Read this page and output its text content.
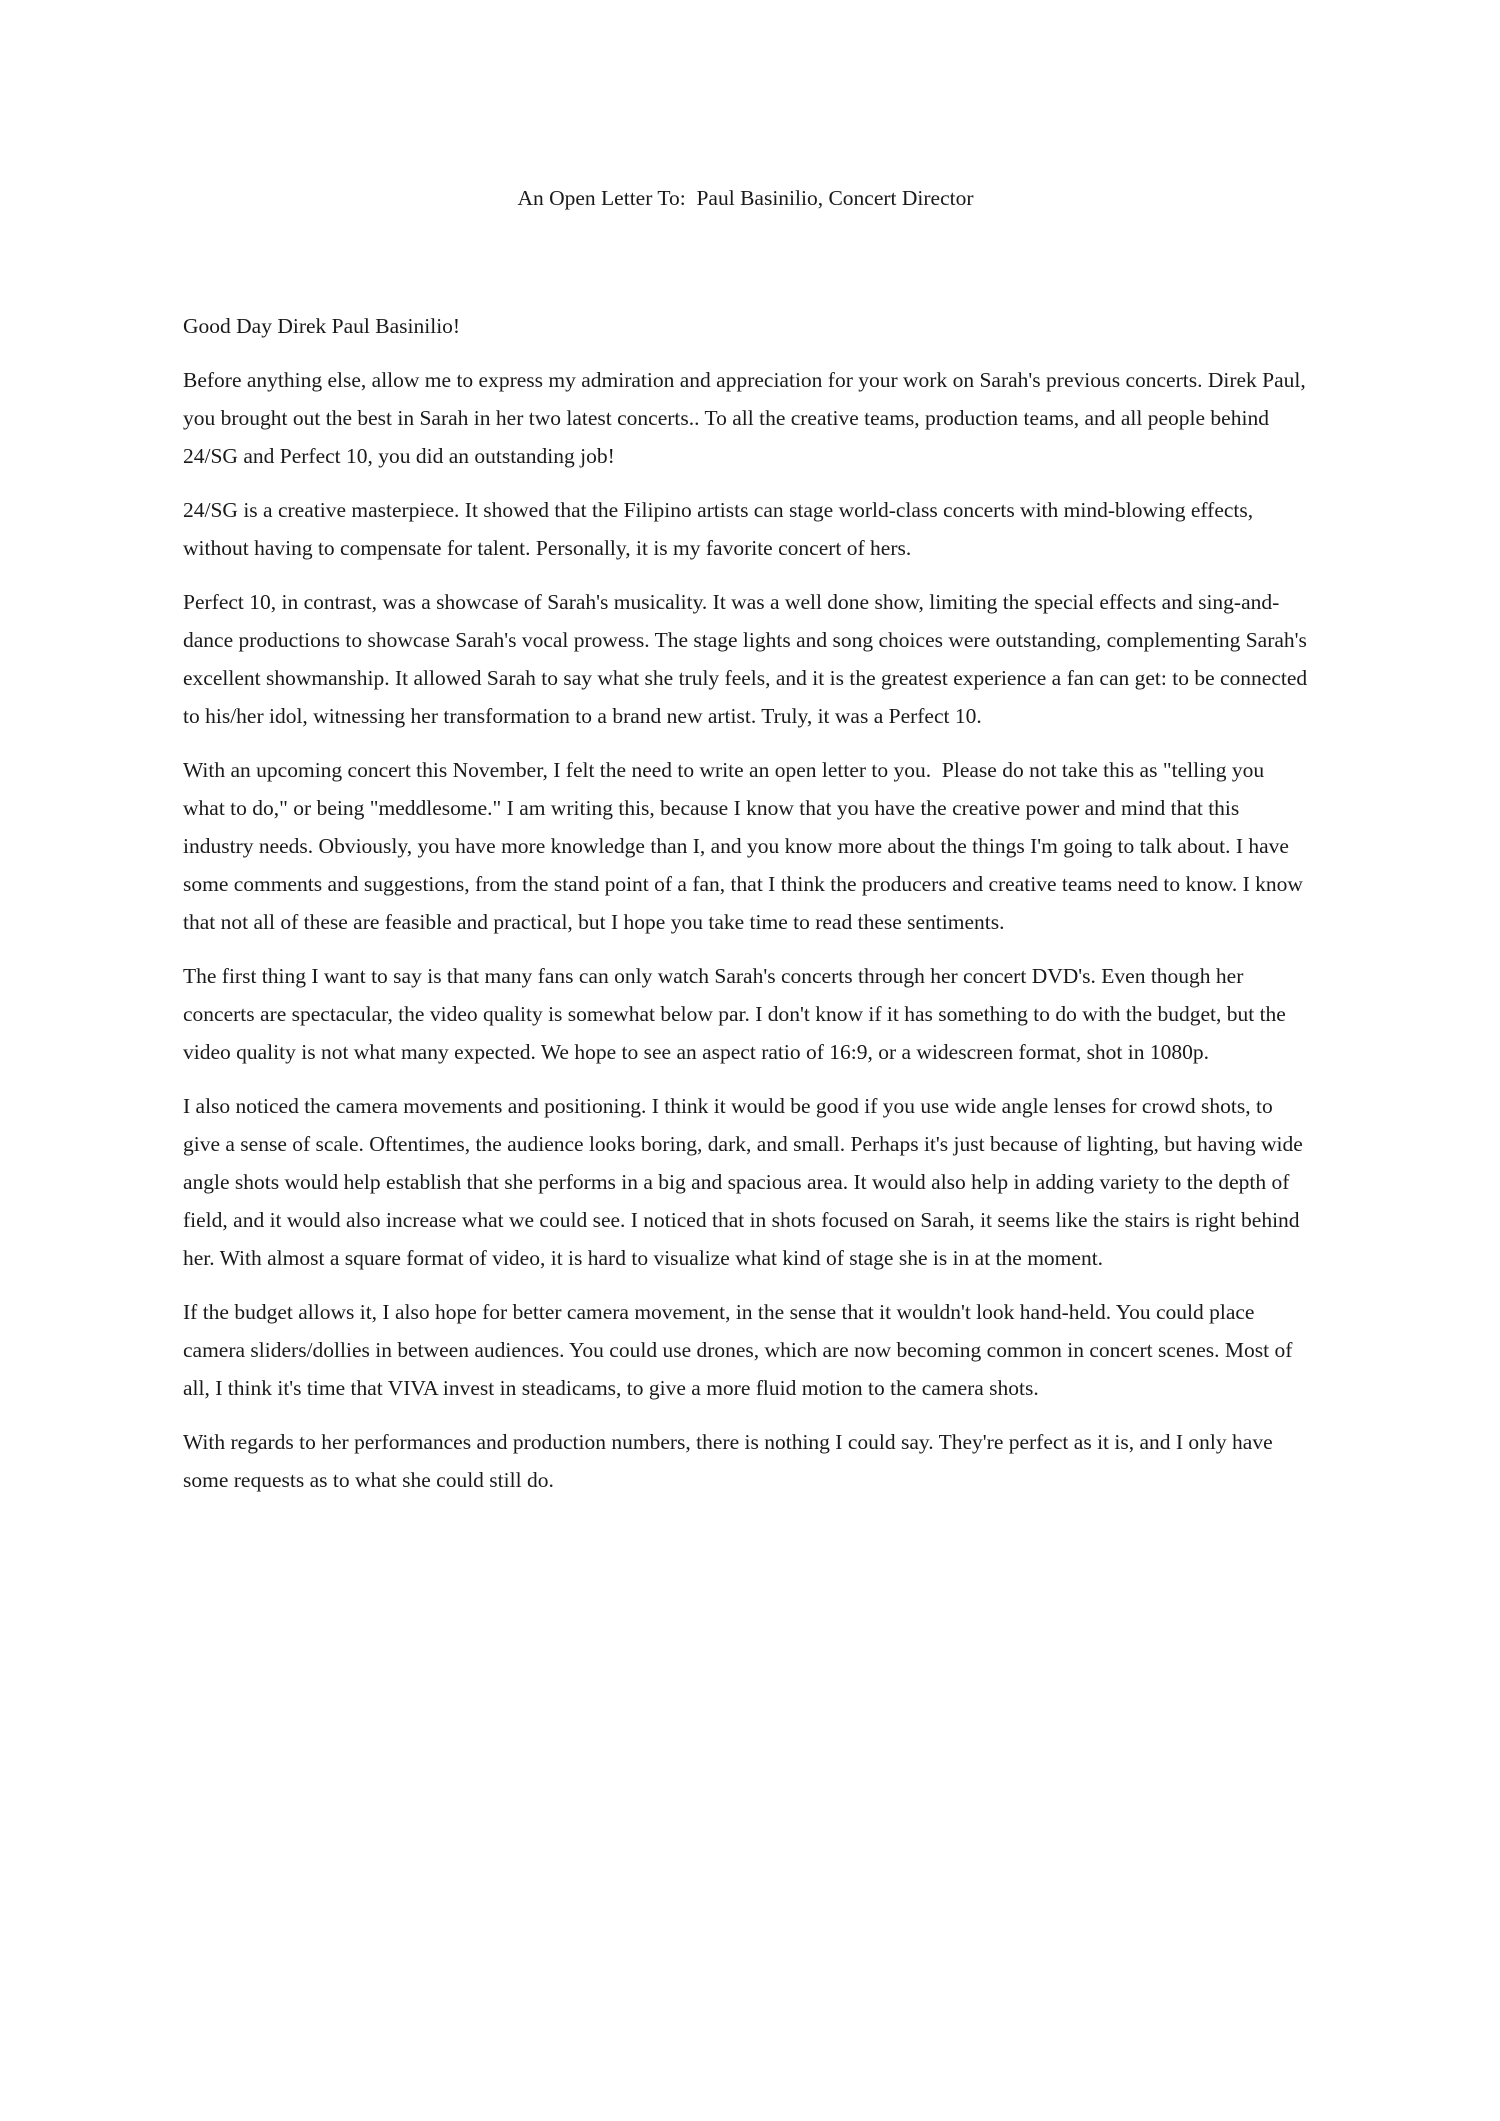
An Open Letter To:  Paul Basinilio, Concert Director

Good Day Direk Paul Basinilio!

Before anything else, allow me to express my admiration and appreciation for your work on Sarah's previous concerts. Direk Paul, you brought out the best in Sarah in her two latest concerts.. To all the creative teams, production teams, and all people behind 24/SG and Perfect 10, you did an outstanding job!

24/SG is a creative masterpiece. It showed that the Filipino artists can stage world-class concerts with mind-blowing effects, without having to compensate for talent. Personally, it is my favorite concert of hers.

Perfect 10, in contrast, was a showcase of Sarah's musicality. It was a well done show, limiting the special effects and sing-and-dance productions to showcase Sarah's vocal prowess. The stage lights and song choices were outstanding, complementing Sarah's excellent showmanship. It allowed Sarah to say what she truly feels, and it is the greatest experience a fan can get: to be connected to his/her idol, witnessing her transformation to a brand new artist. Truly, it was a Perfect 10.

With an upcoming concert this November, I felt the need to write an open letter to you.  Please do not take this as "telling you what to do," or being "meddlesome." I am writing this, because I know that you have the creative power and mind that this industry needs. Obviously, you have more knowledge than I, and you know more about the things I'm going to talk about. I have some comments and suggestions, from the stand point of a fan, that I think the producers and creative teams need to know. I know that not all of these are feasible and practical, but I hope you take time to read these sentiments.

The first thing I want to say is that many fans can only watch Sarah's concerts through her concert DVD's. Even though her concerts are spectacular, the video quality is somewhat below par. I don't know if it has something to do with the budget, but the video quality is not what many expected. We hope to see an aspect ratio of 16:9, or a widescreen format, shot in 1080p.

I also noticed the camera movements and positioning. I think it would be good if you use wide angle lenses for crowd shots, to give a sense of scale. Oftentimes, the audience looks boring, dark, and small. Perhaps it's just because of lighting, but having wide angle shots would help establish that she performs in a big and spacious area. It would also help in adding variety to the depth of field, and it would also increase what we could see. I noticed that in shots focused on Sarah, it seems like the stairs is right behind her. With almost a square format of video, it is hard to visualize what kind of stage she is in at the moment.

If the budget allows it, I also hope for better camera movement, in the sense that it wouldn't look hand-held. You could place camera sliders/dollies in between audiences. You could use drones, which are now becoming common in concert scenes. Most of all, I think it's time that VIVA invest in steadicams, to give a more fluid motion to the camera shots.

With regards to her performances and production numbers, there is nothing I could say. They're perfect as it is, and I only have some requests as to what she could still do.
